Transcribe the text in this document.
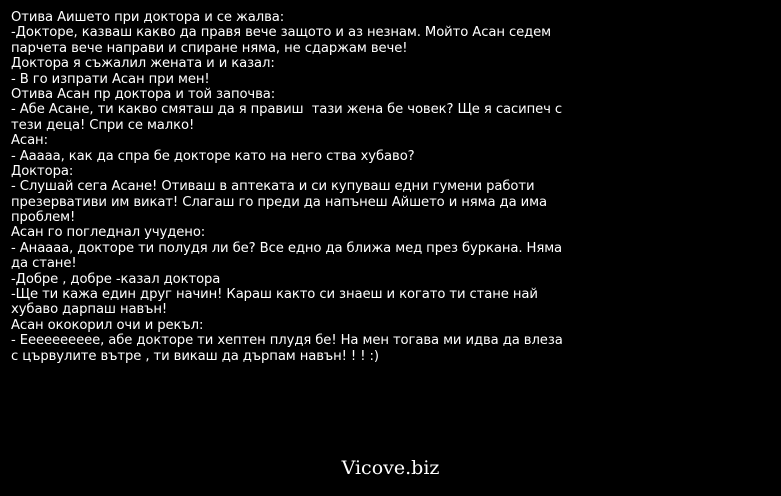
Отива Аишето при доктора и се жалва:
-Докторе, казваш какво да правя вече защото и аз незнам. Мойто Асан седем
парчета вече направи и спиране няма, не сдаржам вече!
Доктора я съжалил жената и и казал:
- В го изпрати Асан при мен!
Отива Асан пр доктора и той започва:
- Абе Асане, ти какво смяташ да я правиш  тази жена бе човек? Ще я сасипеч с
тези деца! Спри се малко!
Асан:
- Ааааа, как да спра бе докторе като на него ства хубаво?
Доктора:
- Слушай сега Асане! Отиваш в аптеката и си купуваш едни гумени работи
презервативи им викат! Слагаш го преди да напънеш Айшето и няма да има
проблем!
Асан го погледнал учудено:
- Анаааа, докторе ти полудя ли бе? Все едно да ближа мед през буркана. Няма
да стане!
-Добре , добре -казал доктора
-Ще ти кажа един друг начин! Караш както си знаеш и когато ти стане най
хубаво дарпаш навън!
Асан ококорил очи и рекъл:
- Ееееееееее, абе докторе ти хептен плудя бе! На мен тогава ми идва да влеза
с цървулите вътре , ти викаш да дърпам навън! ! ! :)
Vicove.biz
